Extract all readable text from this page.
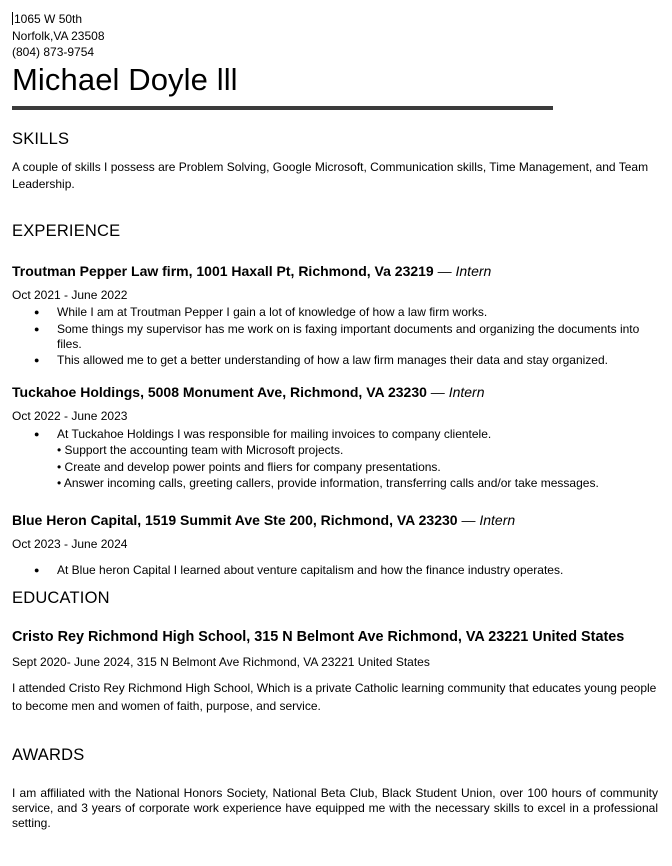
1065 W 50th
Norfolk,VA 23508
(804) 873-9754
Michael Doyle lll
SKILLS
A couple of skills I possess are Problem Solving, Google Microsoft, Communication skills, Time Management, and Team Leadership.
EXPERIENCE
Troutman Pepper Law firm, 1001 Haxall Pt, Richmond, Va 23219 — Intern
Oct 2021 - June 2022
● While I am at Troutman Pepper I gain a lot of knowledge of how a law firm works.
● Some things my supervisor has me work on is faxing important documents and organizing the documents into files.
● This allowed me to get a better understanding of how a law firm manages their data and stay organized.
Tuckahoe Holdings, 5008 Monument Ave, Richmond, VA 23230 — Intern
Oct 2022 - June 2023
● At Tuckahoe Holdings I was responsible for mailing invoices to company clientele.
• Support the accounting team with Microsoft projects.
• Create and develop power points and fliers for company presentations.
• Answer incoming calls, greeting callers, provide information, transferring calls and/or take messages.
Blue Heron Capital, 1519 Summit Ave Ste 200, Richmond, VA 23230 — Intern
Oct 2023 - June 2024
● At Blue heron Capital I learned about venture capitalism and how the finance industry operates.
EDUCATION
Cristo Rey Richmond High School, 315 N Belmont Ave Richmond, VA 23221 United States
Sept 2020- June 2024, 315 N Belmont Ave Richmond, VA 23221 United States
I attended Cristo Rey Richmond High School, Which is a private Catholic learning community that educates young people to become men and women of faith, purpose, and service.
AWARDS
I am affiliated with the National Honors Society, National Beta Club, Black Student Union, over 100 hours of community service, and 3 years of corporate work experience have equipped me with the necessary skills to excel in a professional setting.
